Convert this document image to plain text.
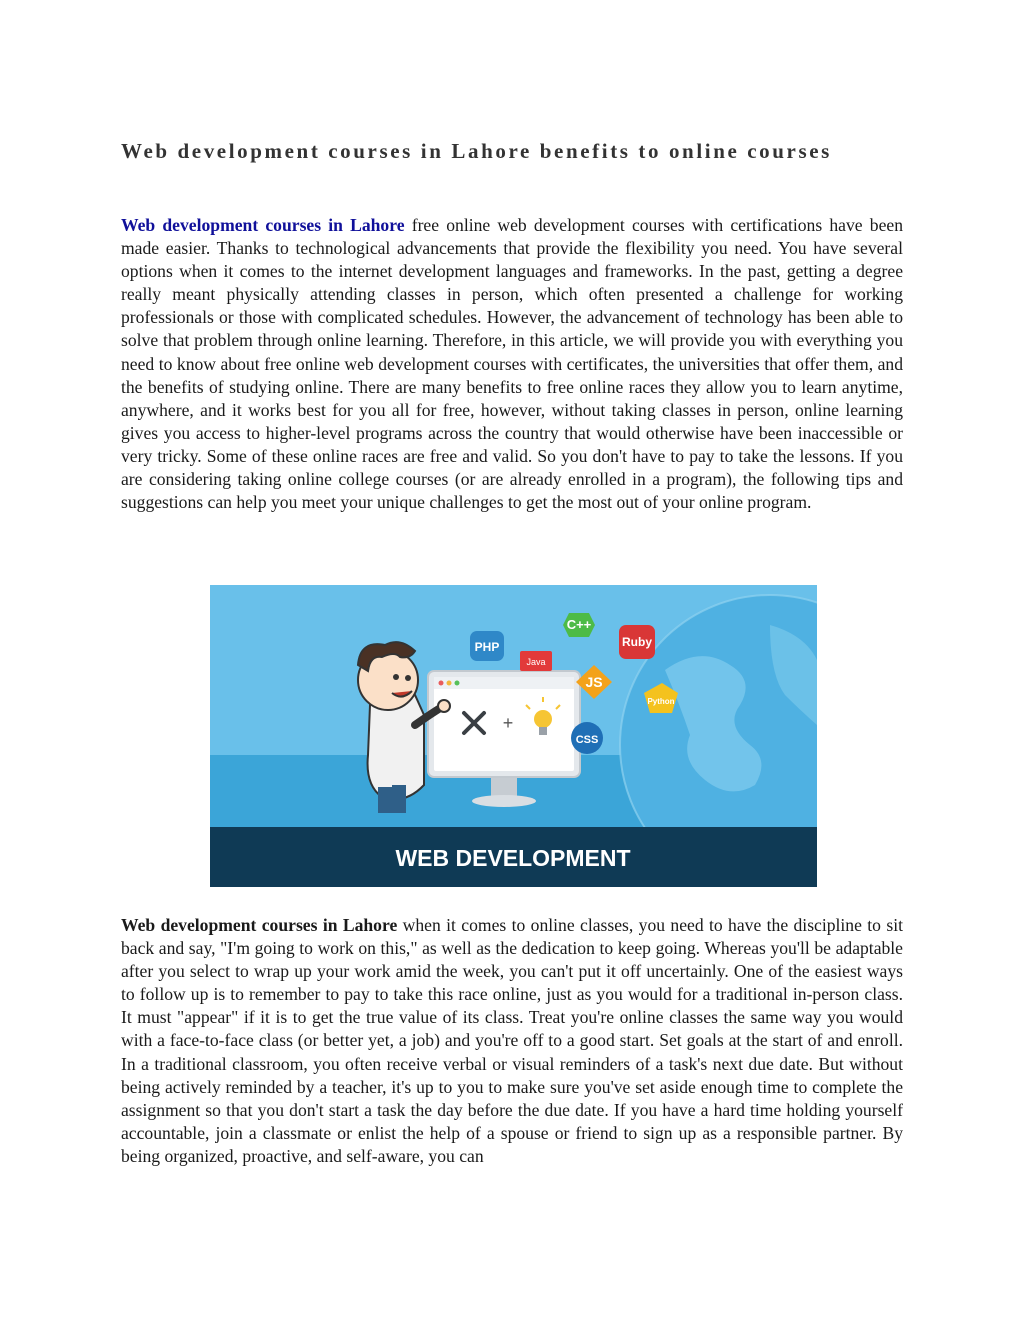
Web development courses in Lahore benefits to online courses

Web development courses in Lahore free online web development courses with certifications have been made easier. Thanks to technological advancements that provide the flexibility you need. You have several options when it comes to the internet development languages and frameworks. In the past, getting a degree really meant physically attending classes in person, which often presented a challenge for working professionals or those with complicated schedules. However, the advancement of technology has been able to solve that problem through online learning. Therefore, in this article, we will provide you with everything you need to know about free online web development courses with certificates, the universities that offer them, and the benefits of studying online. There are many benefits to free online races they allow you to learn anytime, anywhere, and it works best for you all for free, however, without taking classes in person, online learning gives you access to higher-level programs across the country that would otherwise have been inaccessible or very tricky. Some of these online races are free and valid. So you don't have to pay to take the lessons. If you are considering taking online college courses (or are already enrolled in a program), the following tips and suggestions can help you meet your unique challenges to get the most out of your online program.

WEB DEVELOPMENT
+
PHP
Java
C++
Ruby
JS
Python
CSS

Web development courses in Lahore when it comes to online classes, you need to have the discipline to sit back and say, "I'm going to work on this," as well as the dedication to keep going. Whereas you'll be adaptable after you select to wrap up your work amid the week, you can't put it off uncertainly. One of the easiest ways to follow up is to remember to pay to take this race online, just as you would for a traditional in-person class. It must "appear" if it is to get the true value of its class. Treat you're online classes the same way you would with a face-to-face class (or better yet, a job) and you're off to a good start. Set goals at the start of and enroll. In a traditional classroom, you often receive verbal or visual reminders of a task's next due date. But without being actively reminded by a teacher, it's up to you to make sure you've set aside enough time to complete the assignment so that you don't start a task the day before the due date. If you have a hard time holding yourself accountable, join a classmate or enlist the help of a spouse or friend to sign up as a responsible partner. By being organized, proactive, and self-aware, you can
